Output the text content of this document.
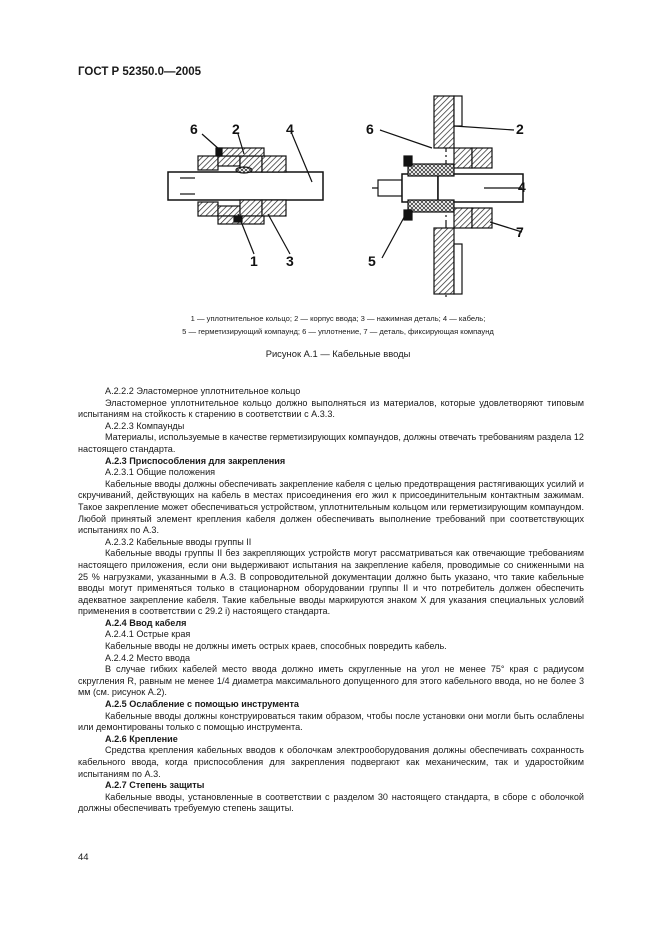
ГОСТ Р 52350.0—2005
6 2	4
1 3
6	2
4
7
5
1 — уплотнительное кольцо; 2 — корпус ввода; 3 — нажимная деталь; 4 — кабель;
5 — герметизирующий компаунд; 6 — уплотнение, 7 — деталь, фиксирующая компаунд
Рисунок А.1 — Кабельные вводы

А.2.2.2 Эластомерное уплотнительное кольцо

Эластомерное уплотнительное кольцо должно выполняться из материалов, которые удовлетворяют типовым испытаниям на стойкость к старению в соответствии с А.3.3.

А.2.2.3 Компаунды

Материалы, используемые в качестве герметизирующих компаундов, должны отвечать требованиям раздела 12 настоящего стандарта.

А.2.3 Приспособления для закрепления

А.2.3.1 Общие положения

Кабельные вводы должны обеспечивать закрепление кабеля с целью предотвращения растягивающих усилий и скручиваний, действующих на кабель в местах присоединения его жил к присоединительным контактным зажимам. Такое закрепление может обеспечиваться устройством, уплотнительным кольцом или герметизирующим компаундом. Любой принятый элемент крепления кабеля должен обеспечивать выполнение требований при соответствующих испытаниях по А.3.

А.2.3.2 Кабельные вводы группы II

Кабельные вводы группы II без закрепляющих устройств могут рассматриваться как отвечающие требованиям настоящего приложения, если они выдерживают испытания на закрепление кабеля, проводимые со сниженными на 25 % нагрузками, указанными в А.3. В сопроводительной документации должно быть указано, что такие кабельные вводы могут применяться только в стационарном оборудовании группы II и что потребитель должен обеспечить адекватное закрепление кабеля. Такие кабельные вводы маркируются знаком X для указания специальных условий применения в соответствии с 29.2 i) настоящего стандарта.

А.2.4 Ввод кабеля

А.2.4.1 Острые края

Кабельные вводы не должны иметь острых краев, способных повредить кабель.

А.2.4.2 Место ввода

В случае гибких кабелей место ввода должно иметь скругленные на угол не менее 75° края с радиусом скругления R, равным не менее 1/4 диаметра максимального допущенного для этого кабельного ввода, но не более 3 мм (см. рисунок А.2).

А.2.5 Ослабление с помощью инструмента

Кабельные вводы должны конструироваться таким образом, чтобы после установки они могли быть ослаблены или демонтированы только с помощью инструмента.

А.2.6 Крепление

Средства крепления кабельных вводов к оболочкам электрооборудования должны обеспечивать сохранность кабельного ввода, когда приспособления для закрепления подвергают как механическим, так и ударостойким испытаниям по А.3.

А.2.7 Степень защиты

Кабельные вводы, установленные в соответствии с разделом 30 настоящего стандарта, в сборе с оболочкой должны обеспечивать требуемую степень защиты.

44
